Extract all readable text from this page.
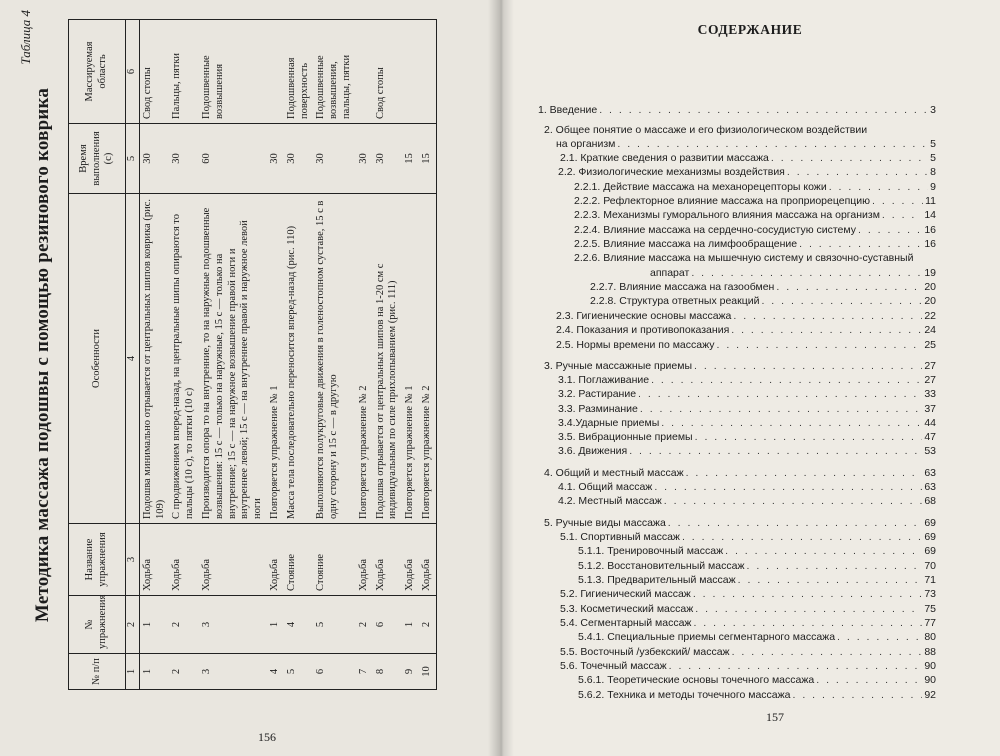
Таблица 4
Методика массажа подошвы с помощью резинового коврика
№ п/п	№ упражнения	Название упражнения	Особенности	Время выполнения (с)	Массируемая область
1	2	3	4	5	6
1	1	Ходьба	Подошва минимально отрывается от центральных шипов коврика (рис. 109)	30	Свод стопы
2	2	Ходьба	С продвижением вперед-назад, на центральные шипы опираются то пальцы (10 с), то пятки (10 с)	30	Пальцы, пятки
3	3	Ходьба	Производится опора то на внутренние, то на наружные подошвенные возвышения: 15 с — только на наружные, 15 с — только на внутренние; 15 с — на наружное возвышение правой ноги и внутреннее левой; 15 с — на внутреннее правой и наружное левой ноги	60	Подошвенные возвышения
4	1	Ходьба	Повторяется упражнение № 1	30	
5	4	Стояние	Масса тела последовательно переносится вперед-назад (рис. 110)	30	Подошвенная поверхность
6	5	Стояние	Выполняются полукруговые движения в голеностопном суставе, 15 с в одну сторону и 15 с — в другую	30	Подошвенные возвышения, пальцы, пятки
7	2	Ходьба	Повторяется упражнение № 2	30	
8	6	Ходьба	Подошва отрывается от центральных шипов на 1-20 см с индивидуальным по силе прихлопыванием (рис. 111)	30	Свод стопы
9	1	Ходьба	Повторяется упражнение № 1	15	
10	2	Ходьба	Повторяется упражнение № 2	15	
156
СОДЕРЖАНИЕ
1. Введение . . .	3
2. Общее понятие о массаже и его физиологическом воздействии
на организм . . .	5
2.1. Краткие сведения о развитии массажа . . .	5
2.2. Физиологические механизмы воздействия . . .	8
2.2.1. Действие массажа на механорецепторы кожи . . .	9
2.2.2. Рефлекторное влияние массажа на проприорецепцию . . .	11
2.2.3. Механизмы гуморального влияния массажа на организм . . .	14
2.2.4. Влияние массажа на сердечно-сосудистую систему . . .	16
2.2.5. Влияние массажа на лимфообращение . . .	16
2.2.6. Влияние массажа на мышечную систему и связочно-суставный
аппарат . . .	19
2.2.7. Влияние массажа на газообмен . . .	20
2.2.8. Структура ответных реакций . . .	20
2.3. Гигиенические основы массажа . . .	22
2.4. Показания и противопоказания . . .	24
2.5. Нормы времени по массажу . . .	25
3. Ручные массажные приемы . . .	27
3.1. Поглаживание . . .	27
3.2. Растирание . . .	33
3.3. Разминание . . .	37
3.4.Ударные приемы . . .	44
3.5. Вибрационные приемы . . .	47
3.6. Движения . . .	53
4. Общий и местный массаж . . .	63
4.1. Общий массаж . . .	63
4.2. Местный массаж . . .	68
5. Ручные виды массажа . . .	69
5.1. Спортивный массаж . . .	69
5.1.1. Тренировочный массаж . . .	69
5.1.2. Восстановительный массаж . . .	70
5.1.3. Предварительный массаж . . .	71
5.2. Гигиенический массаж . . .	73
5.3. Косметический массаж . . .	75
5.4. Сегментарный массаж . . .	77
5.4.1. Специальные приемы сегментарного массажа . . .	80
5.5. Восточный /узбекский/ массаж . . .	88
5.6. Точечный массаж . . .	90
5.6.1. Теоретические основы точечного массажа . . .	90
5.6.2. Техника и методы точечного массажа . . .	92
157
